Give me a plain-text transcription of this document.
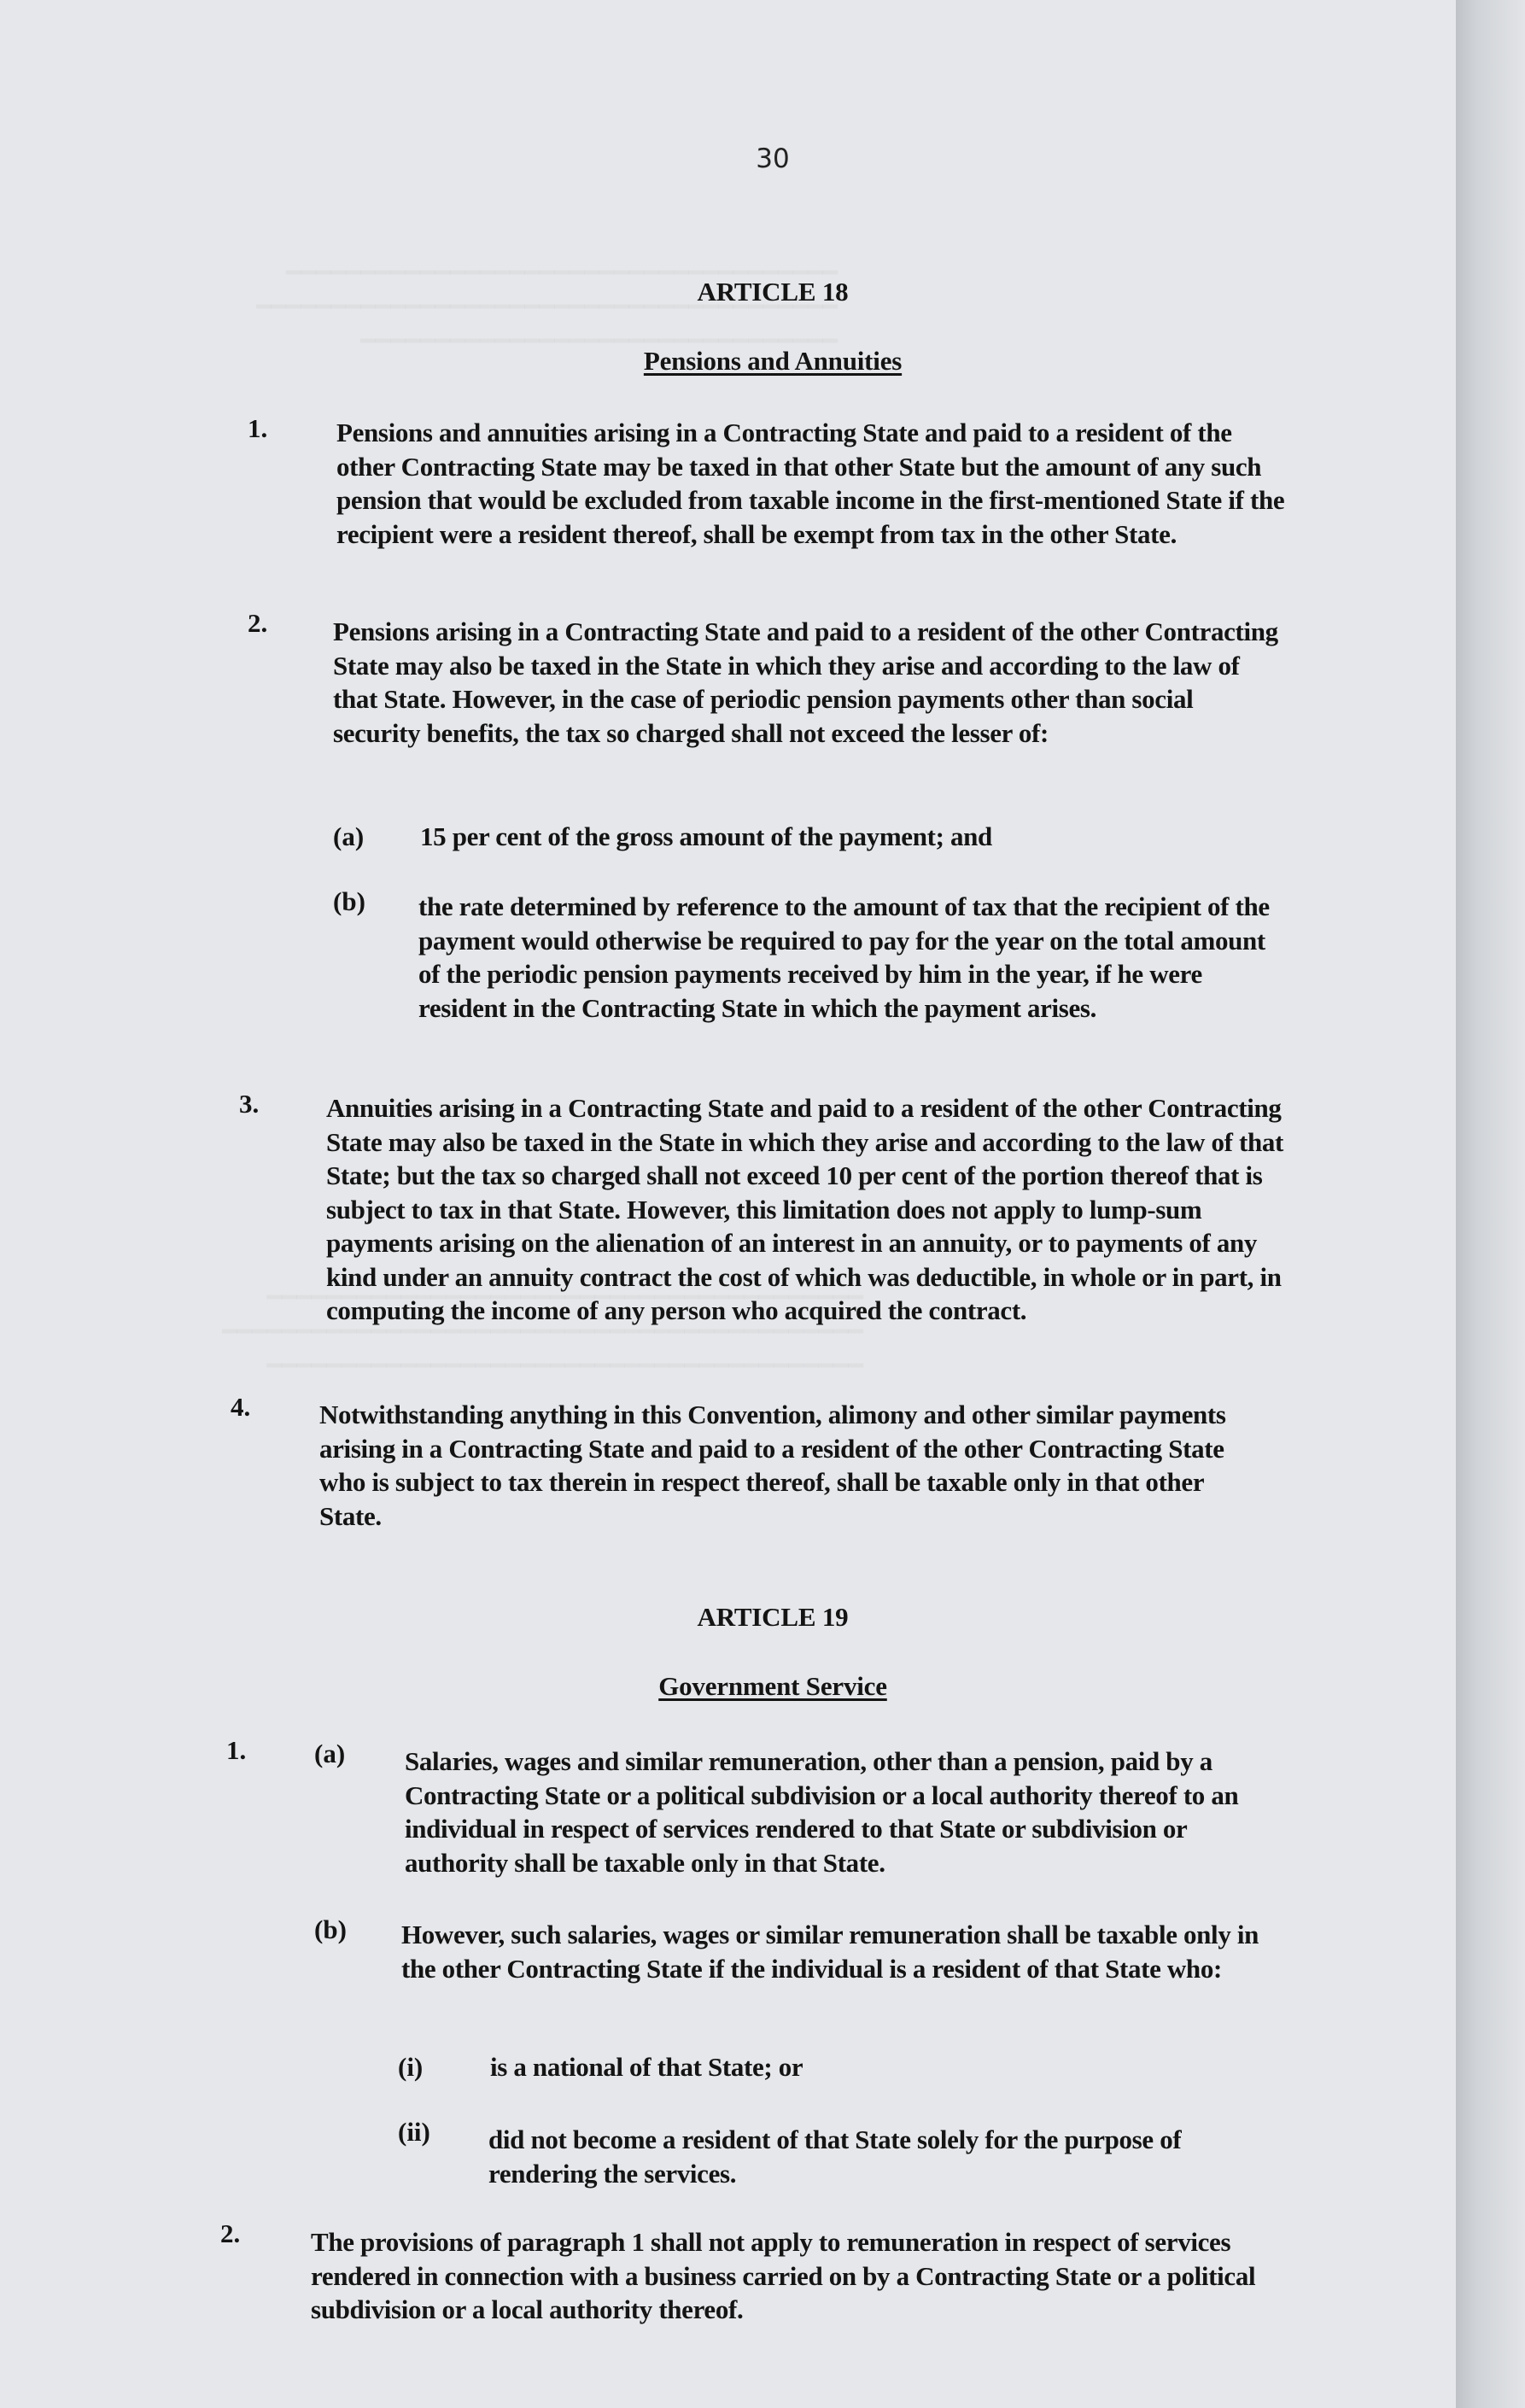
30
ARTICLE 18
Pensions and Annuities
1.	Pensions and annuities arising in a Contracting State and paid to a resident of the other Contracting State may be taxed in that other State but the amount of any such pension that would be excluded from taxable income in the first-mentioned State if the recipient were a resident thereof, shall be exempt from tax in the other State.
2. Pensions arising in a Contracting State and paid to a resident of the other Contracting State may also be taxed in the State in which they arise and according to the law of that State. However, in the case of periodic pension payments other than social security benefits, the tax so charged shall not exceed the lesser of:
(a) 15 per cent of the gross amount of the payment; and
(b) the rate determined by reference to the amount of tax that the recipient of the payment would otherwise be required to pay for the year on the total amount of the periodic pension payments received by him in the year, if he were resident in the Contracting State in which the payment arises.
3.	Annuities arising in a Contracting State and paid to a resident of the other Contracting State may also be taxed in the State in which they arise and according to the law of that State; but the tax so charged shall not exceed 10 per cent of the portion thereof that is subject to tax in that State. However, this limitation does not apply to lump-sum payments arising on the alienation of an interest in an annuity, or to payments of any kind under an annuity contract the cost of which was deductible, in whole or in part, in computing the income of any person who acquired the contract.
4.	Notwithstanding anything in this Convention, alimony and other similar payments arising in a Contracting State and paid to a resident of the other Contracting State who is subject to tax therein in respect thereof, shall be taxable only in that other State.
ARTICLE 19
Government Service
1.	(a) Salaries, wages and similar remuneration, other than a pension, paid by a Contracting State or a political subdivision or a local authority thereof to an individual in respect of services rendered to that State or subdivision or authority shall be taxable only in that State.
(b) However, such salaries, wages or similar remuneration shall be taxable only in the other Contracting State if the individual is a resident of that State who:
(i)	is a national of that State; or
(ii) did not become a resident of that State solely for the purpose of rendering the services.
2.	The provisions of paragraph 1 shall not apply to remuneration in respect of services rendered in connection with a business carried on by a Contracting State or a political subdivision or a local authority thereof.
